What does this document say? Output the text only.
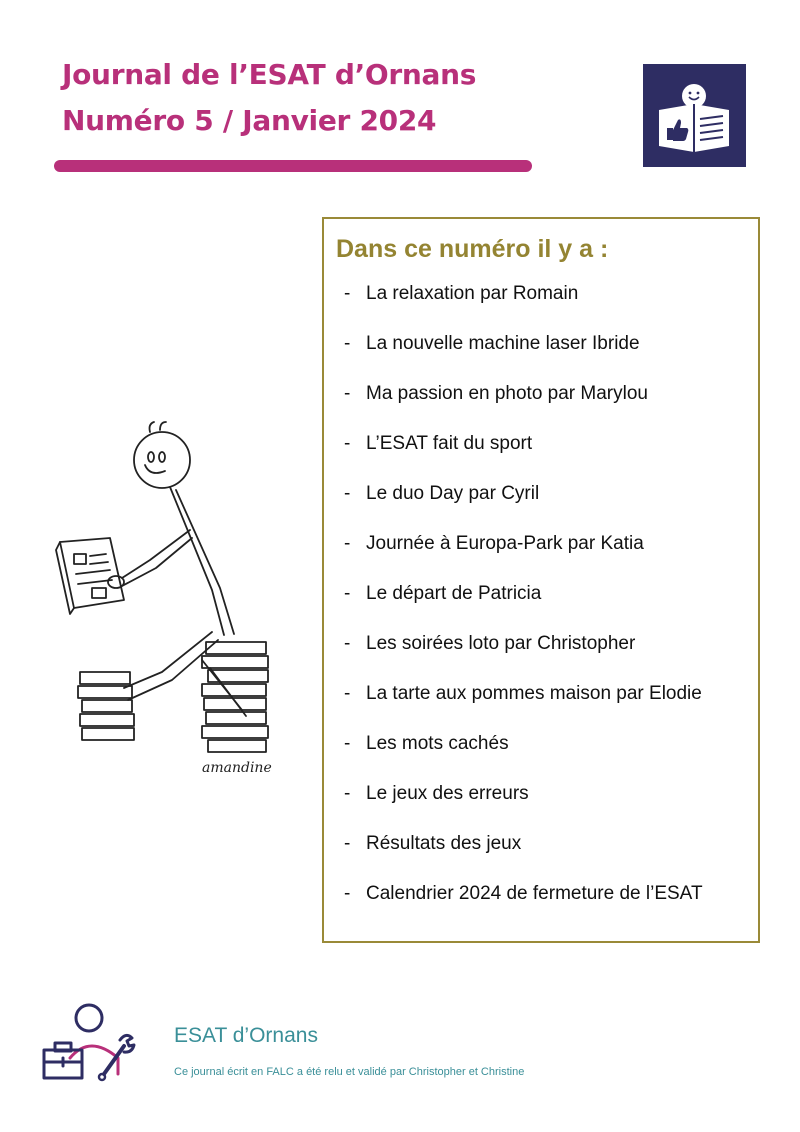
Journal de l’ESAT d’Ornans
Numéro 5 / Janvier 2024
Dans ce numéro il y a :
- La relaxation par Romain
- La nouvelle machine laser Ibride
- Ma passion en photo par Marylou
- L’ESAT fait du sport
- Le duo Day par Cyril
- Journée à Europa-Park par Katia
- Le départ de Patricia
- Les soirées loto par Christopher
- La tarte aux pommes maison par Elodie
- Les mots cachés
- Le jeux des erreurs
- Résultats des jeux
- Calendrier 2024 de fermeture de l’ESAT
amandine
ESAT d’Ornans
Ce journal écrit en FALC a été relu et validé par Christopher et Christine
